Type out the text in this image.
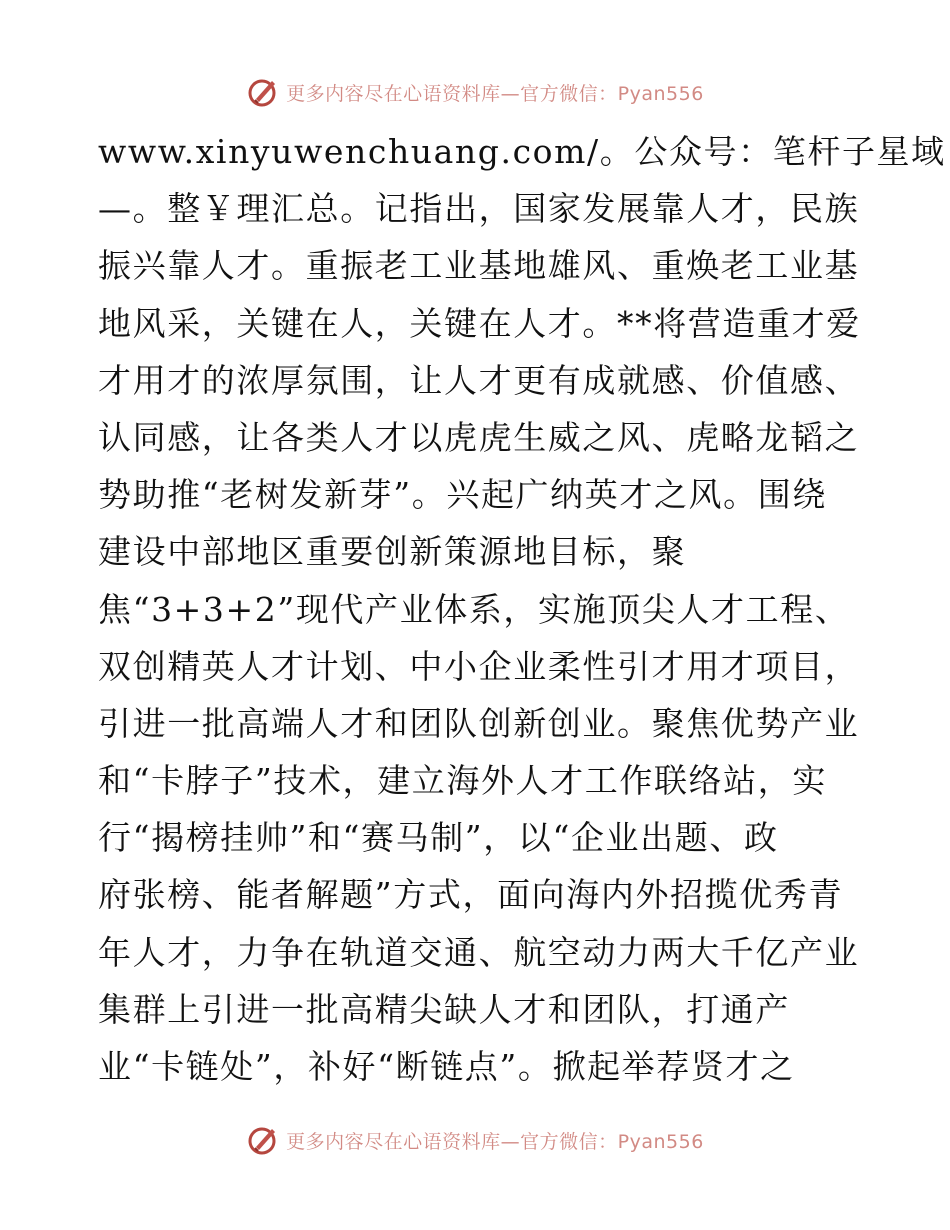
更多内容尽在心语资料库—官方微信：Pyan556
www.xinyuwenchuang.com/。公众号：笔杆子星域
—。整￥理汇总。记指出，国家发展靠人才，民族
振兴靠人才。重振老工业基地雄风、重焕老工业基
地风采，关键在人，关键在人才。**将营造重才爱
才用才的浓厚氛围，让人才更有成就感、价值感、
认同感，让各类人才以虎虎生威之风、虎略龙韬之
势助推“老树发新芽”。兴起广纳英才之风。围绕
建设中部地区重要创新策源地目标，聚
焦“3+3+2”现代产业体系，实施顶尖人才工程、
双创精英人才计划、中小企业柔性引才用才项目，
引进一批高端人才和团队创新创业。聚焦优势产业
和“卡脖子”技术，建立海外人才工作联络站，实
行“揭榜挂帅”和“赛马制”，以“企业出题、政
府张榜、能者解题”方式，面向海内外招揽优秀青
年人才，力争在轨道交通、航空动力两大千亿产业
集群上引进一批高精尖缺人才和团队，打通产
业“卡链处”，补好“断链点”。掀起举荐贤才之
更多内容尽在心语资料库—官方微信：Pyan556
